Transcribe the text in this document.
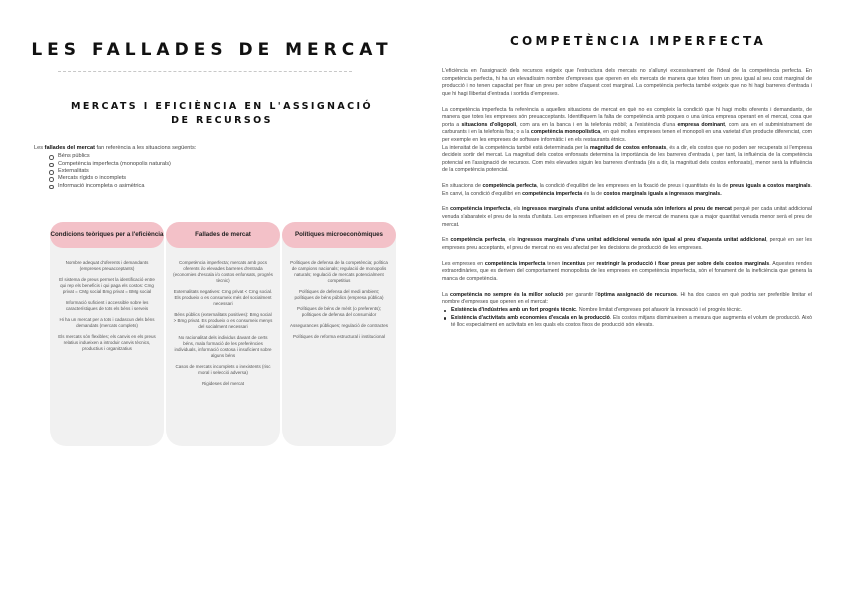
LES FALLADES DE MERCAT
MERCATS I EFICIÈNCIA EN L'ASSIGNACIÓ DE RECURSOS
Les fallades del mercat fan referència a les situacions següents:
Béns públics
Competència imperfecta (monopolis naturals)
Externalitats
Mercats rígids o incomplets
Informació incompleta o asimètrica
Condicions teòriques per a l'eficiència	Fallades de mercat	Polítiques microeconòmiques

Nombre adequat d'oferents i demandants (empreses preuacceptants)

El sistema de preus permet la identificació entre qui rep els beneficis i qui paga els costos: Cmg privat = CMg social Bmg privat = BMg social

Informació suficient i accessible sobre les característiques de tots els béns i serveis

Hi ha un mercat per a tots i cadascun dels béns demandats (mercats complets)

Els mercats són flexibles; els canvis en els preus relatius indueixen a introduir canvis tècnics, productius i organitzatius

Competència imperfecta; mercats amb pocs oferents i/o elevades barreres d'entrada (economies d'escala i/o costos enfonsats, progrés tècnic)

Externalitats negatives: Cmg privat < Cmg social. Els produeix o es consumeix més del socialment necessari

Béns públics (externalitats positives): Bmg social > Bmg privat. Es produeix o es consumeix menys del socialment necessari

No racionalitat dels individus davant de certs béns, mala formació de les preferències individuals, informació costosa i insuficient sobre alguns béns

Casos de mercats incomplets o inexistents (risc moral i selecció adversa)

Rigideses del mercat

Polítiques de defensa de la competència; política de campions nacionals; regulació de monopolis naturals; regulació de mercats potencialment competitius

Polítiques de defensa del medi ambient; polítiques de béns públics (empresa pública)

Polítiques de béns de mèrit (o preferents); polítiques de defensa del consumidor

Assegurances públiques; regulació de contractes

Polítiques de reforma estructural i institucional

COMPETÈNCIA IMPERFECTA

L'eficiència en l'assignació dels recursos exigeix que l'estructura dels mercats no s'allunyi excessivament de l'ideal de la competència perfecta. En competència perfecta, hi ha un elevadíssim nombre d'empreses que operen en els mercats de manera que totes fixen un preu igual al seu cost marginal de producció i no tenen capacitat per fixar un preu per sobre d'aquest cost marginal. La competència perfecta també exigeix que no hi hagi barreres d'entrada i que hi hagi llibertat d'entrada i sortida d'empreses.

La competència imperfecta fa referència a aquelles situacions de mercat en què no es compleix la condició que hi hagi molts oferents i demandants, de manera que totes les empreses són preuacceptants. Identifiquem la falta de competència amb poques o una única empresa operant en el mercat, cosa que porta a situacions d'oligopoli, com ara en la banca i en la telefonia mòbil; a l'existència d'una empresa dominant, com ara en el subministrament de carburants i en la telefonia fixa; o a la competència monopolística, en què moltes empreses tenen el monopoli en una varietat d'un producte diferenciat, com per exemple en les empreses de software informàtic i en els restaurants ètnics.

La intensitat de la competència també està determinada per la magnitud de costos enfonsats, és a dir, els costos que no poden ser recuperats si l'empresa decideix sortir del mercat. La magnitud dels costos enfonsats determina la importància de les barreres d'entrada i, per tant, la influència de la competència potencial en l'assignació de recursos. Com més elevades siguin les barreres d'entrada (és a dir, la magnitud dels costos enfonsats), menor serà la influència de la competència potencial.

En situacions de competència perfecta, la condició d'equilibri de les empreses en la fixació de preus i quantitats és la de preus iguals a costos marginals. En canvi, la condició d'equilibri en competència imperfecta és la de costos marginals iguals a ingressos marginals.

En competència imperfecta, els ingressos marginals d'una unitat addicional venuda són inferiors al preu de mercat perquè per cada unitat addicional venuda s'abarateix el preu de la resta d'unitats. Les empreses influeixen en el preu de mercat de manera que a major quantitat venuda menor serà el preu de mercat.

En competència perfecta, els ingressos marginals d'una unitat addicional venuda són igual al preu d'aquesta unitat addicional, perquè en ser les empreses preu acceptants, el preu de mercat no es veu afectat per les decisions de producció de les empreses.

Les empreses en competència imperfecta tenen incentius per restringir la producció i fixar preus per sobre dels costos marginals. Aquestes rendes extraordinàries, que es deriven del comportament monopolista de les empreses en competència imperfecta, són el fonament de la ineficiència que genera la manca de competència.

La competència no sempre és la millor solució per garantir l'òptima assignació de recursos. Hi ha dos casos en què podria ser preferible limitar el nombre d'empreses que operen en el mercat:

Existència d'indústries amb un fort progrés tècnic. Nombre limitat d'empreses pot afavorir la innovació i el progrés tècnic.
Existència d'activitats amb economies d'escala en la producció. Els costos mitjans disminueixen a mesura que augmenta el volum de producció. Això té lloc especialment en activitats en les quals els costos fixos de producció són elevats.
